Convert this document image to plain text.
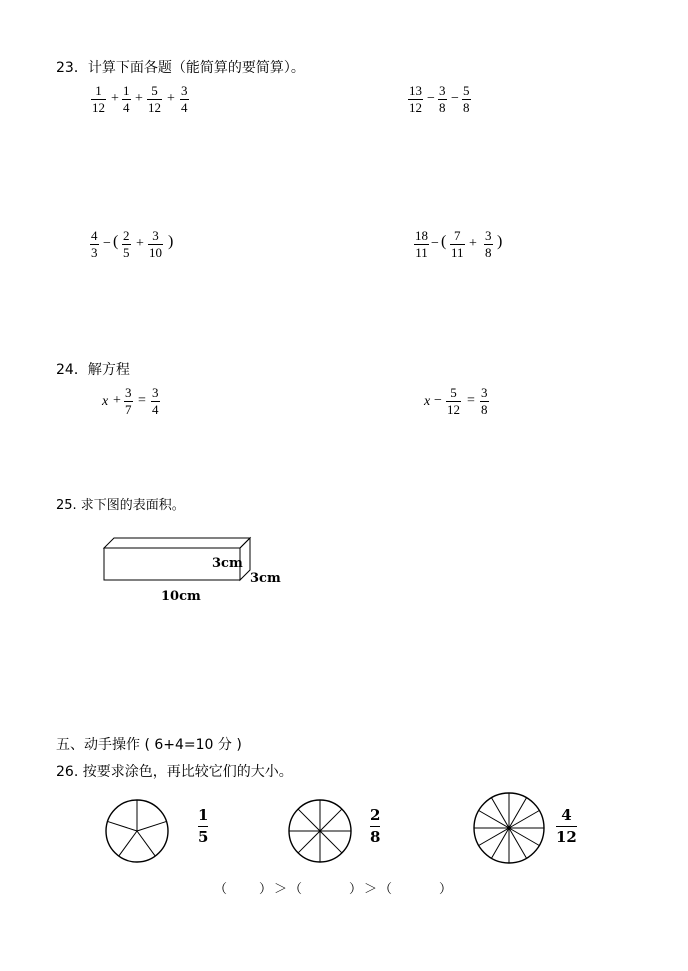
23．计算下面各题（能简算的要简算）。
1
12
+
1
4
+
5
12
+
3
4
13
12
−
3
8
−
5
8
4
3
− ( 2
5
+
3
10
)	18
11
− ( 7
11
+
3
8
)
24．解方程
x +
3
7
=
3
4
x −
5
12
=
3
8
25. 求下图的表面积。
3cm
3cm
10cm
五、动手操作 ( 6+4=10 分 )
26. 按要求涂色，再比较它们的大小。
1
5
2
8
4
12
（　　）＞（　　　）＞（　　　）
